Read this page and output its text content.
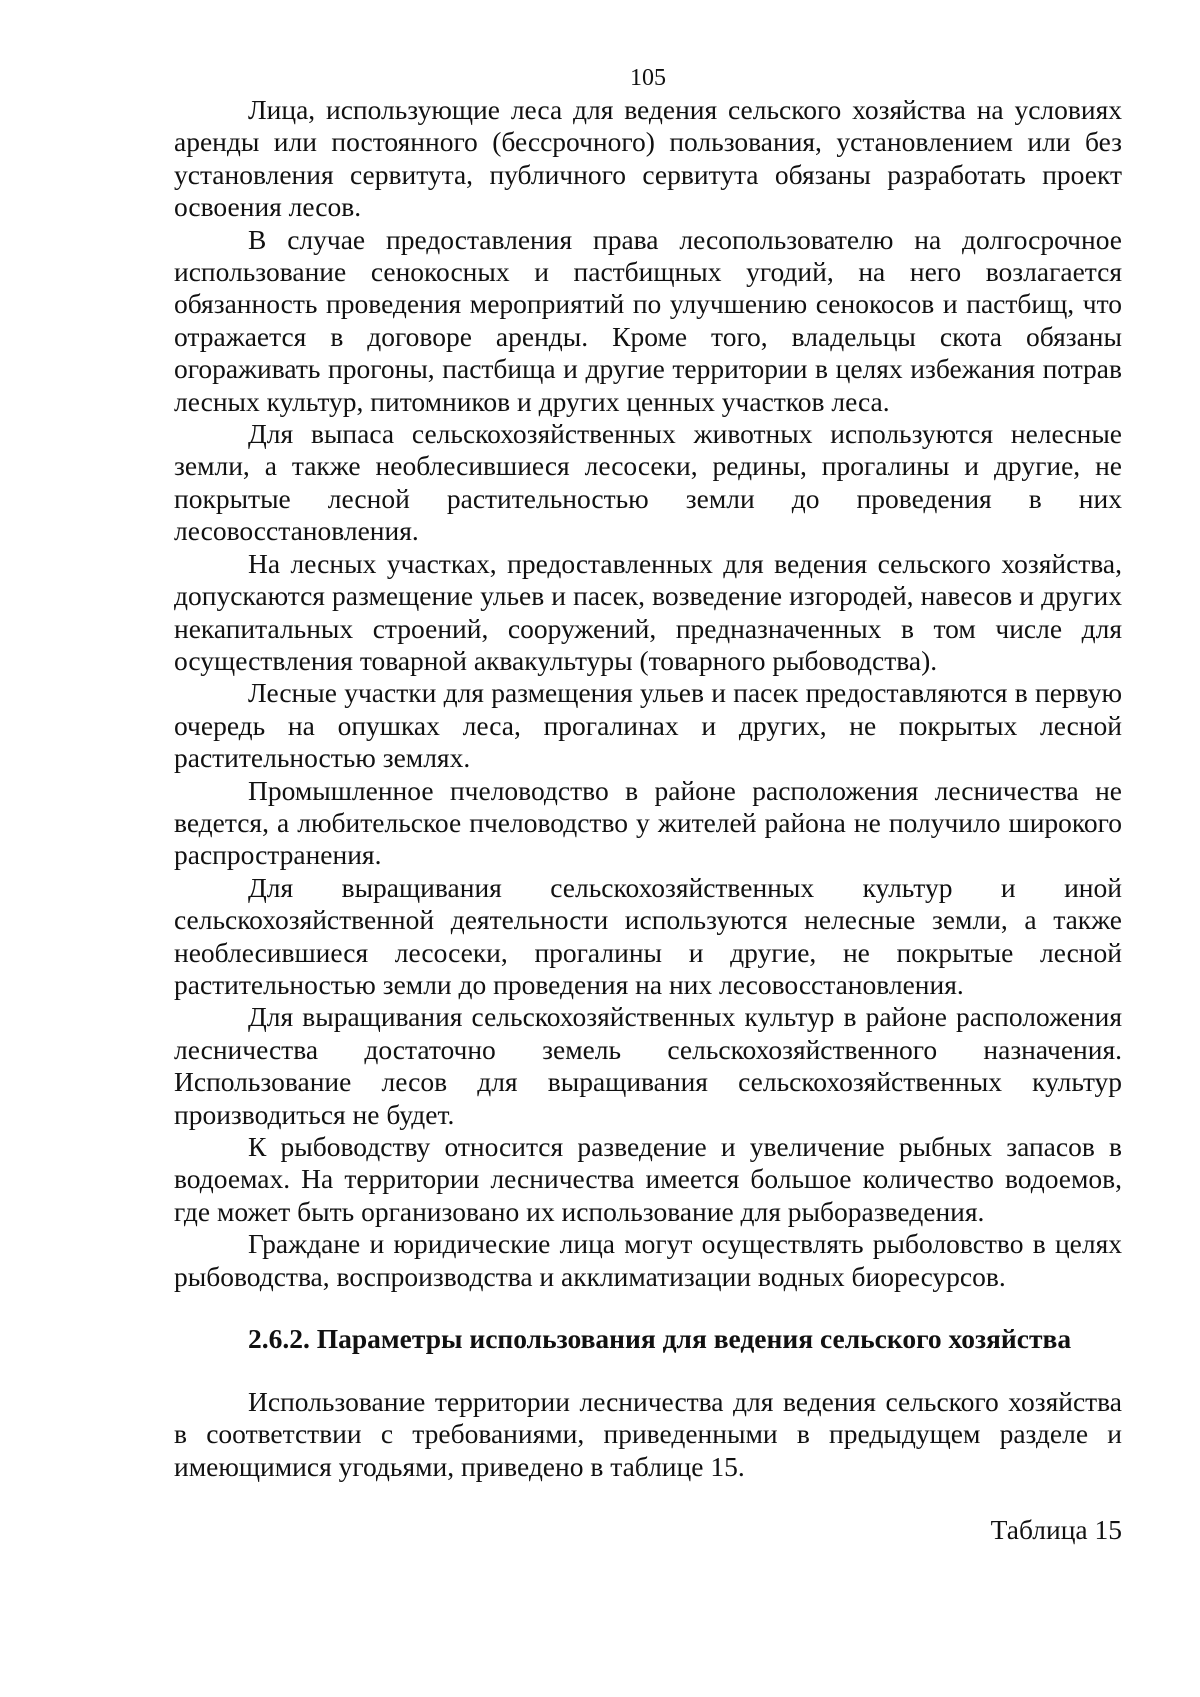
105

Лица, использующие леса для ведения сельского хозяйства на условиях аренды или постоянного (бессрочного) пользования, установлением или без установления сервитута, публичного сервитута обязаны разработать проект освоения лесов.

В случае предоставления права лесопользователю на долгосрочное использование сенокосных и пастбищных угодий, на него возлагается обязанность проведения мероприятий по улучшению сенокосов и пастбищ, что отражается в договоре аренды. Кроме того, владельцы скота обязаны огораживать прогоны, пастбища и другие территории в целях избежания потрав лесных культур, питомников и других ценных участков леса.

Для выпаса сельскохозяйственных животных используются нелесные земли, а также необлесившиеся лесосеки, редины, прогалины и другие, не покрытые лесной растительностью земли до проведения в них лесовосстановления.

На лесных участках, предоставленных для ведения сельского хозяйства, допускаются размещение ульев и пасек, возведение изгородей, навесов и других некапитальных строений, сооружений, предназначенных в том числе для осуществления товарной аквакультуры (товарного рыбоводства).

Лесные участки для размещения ульев и пасек предоставляются в первую очередь на опушках леса, прогалинах и других, не покрытых лесной растительностью землях.

Промышленное пчеловодство в районе расположения лесничества не ведется, а любительское пчеловодство у жителей района не получило широкого распространения.

Для выращивания сельскохозяйственных культур и иной сельскохозяйственной деятельности используются нелесные земли, а также необлесившиеся лесосеки, прогалины и другие, не покрытые лесной растительностью земли до проведения на них лесовосстановления.

Для выращивания сельскохозяйственных культур в районе расположения лесничества достаточно земель сельскохозяйственного назначения. Использование лесов для выращивания сельскохозяйственных культур производиться не будет.

К рыбоводству относится разведение и увеличение рыбных запасов в водоемах. На территории лесничества имеется большое количество водоемов, где может быть организовано их использование для рыборазведения.

Граждане и юридические лица могут осуществлять рыболовство в целях рыбоводства, воспроизводства и акклиматизации водных биоресурсов.

2.6.2. Параметры использования для ведения сельского хозяйства

Использование территории лесничества для ведения сельского хозяйства в соответствии с требованиями, приведенными в предыдущем разделе и имеющимися угодьями, приведено в таблице 15.

Таблица 15
